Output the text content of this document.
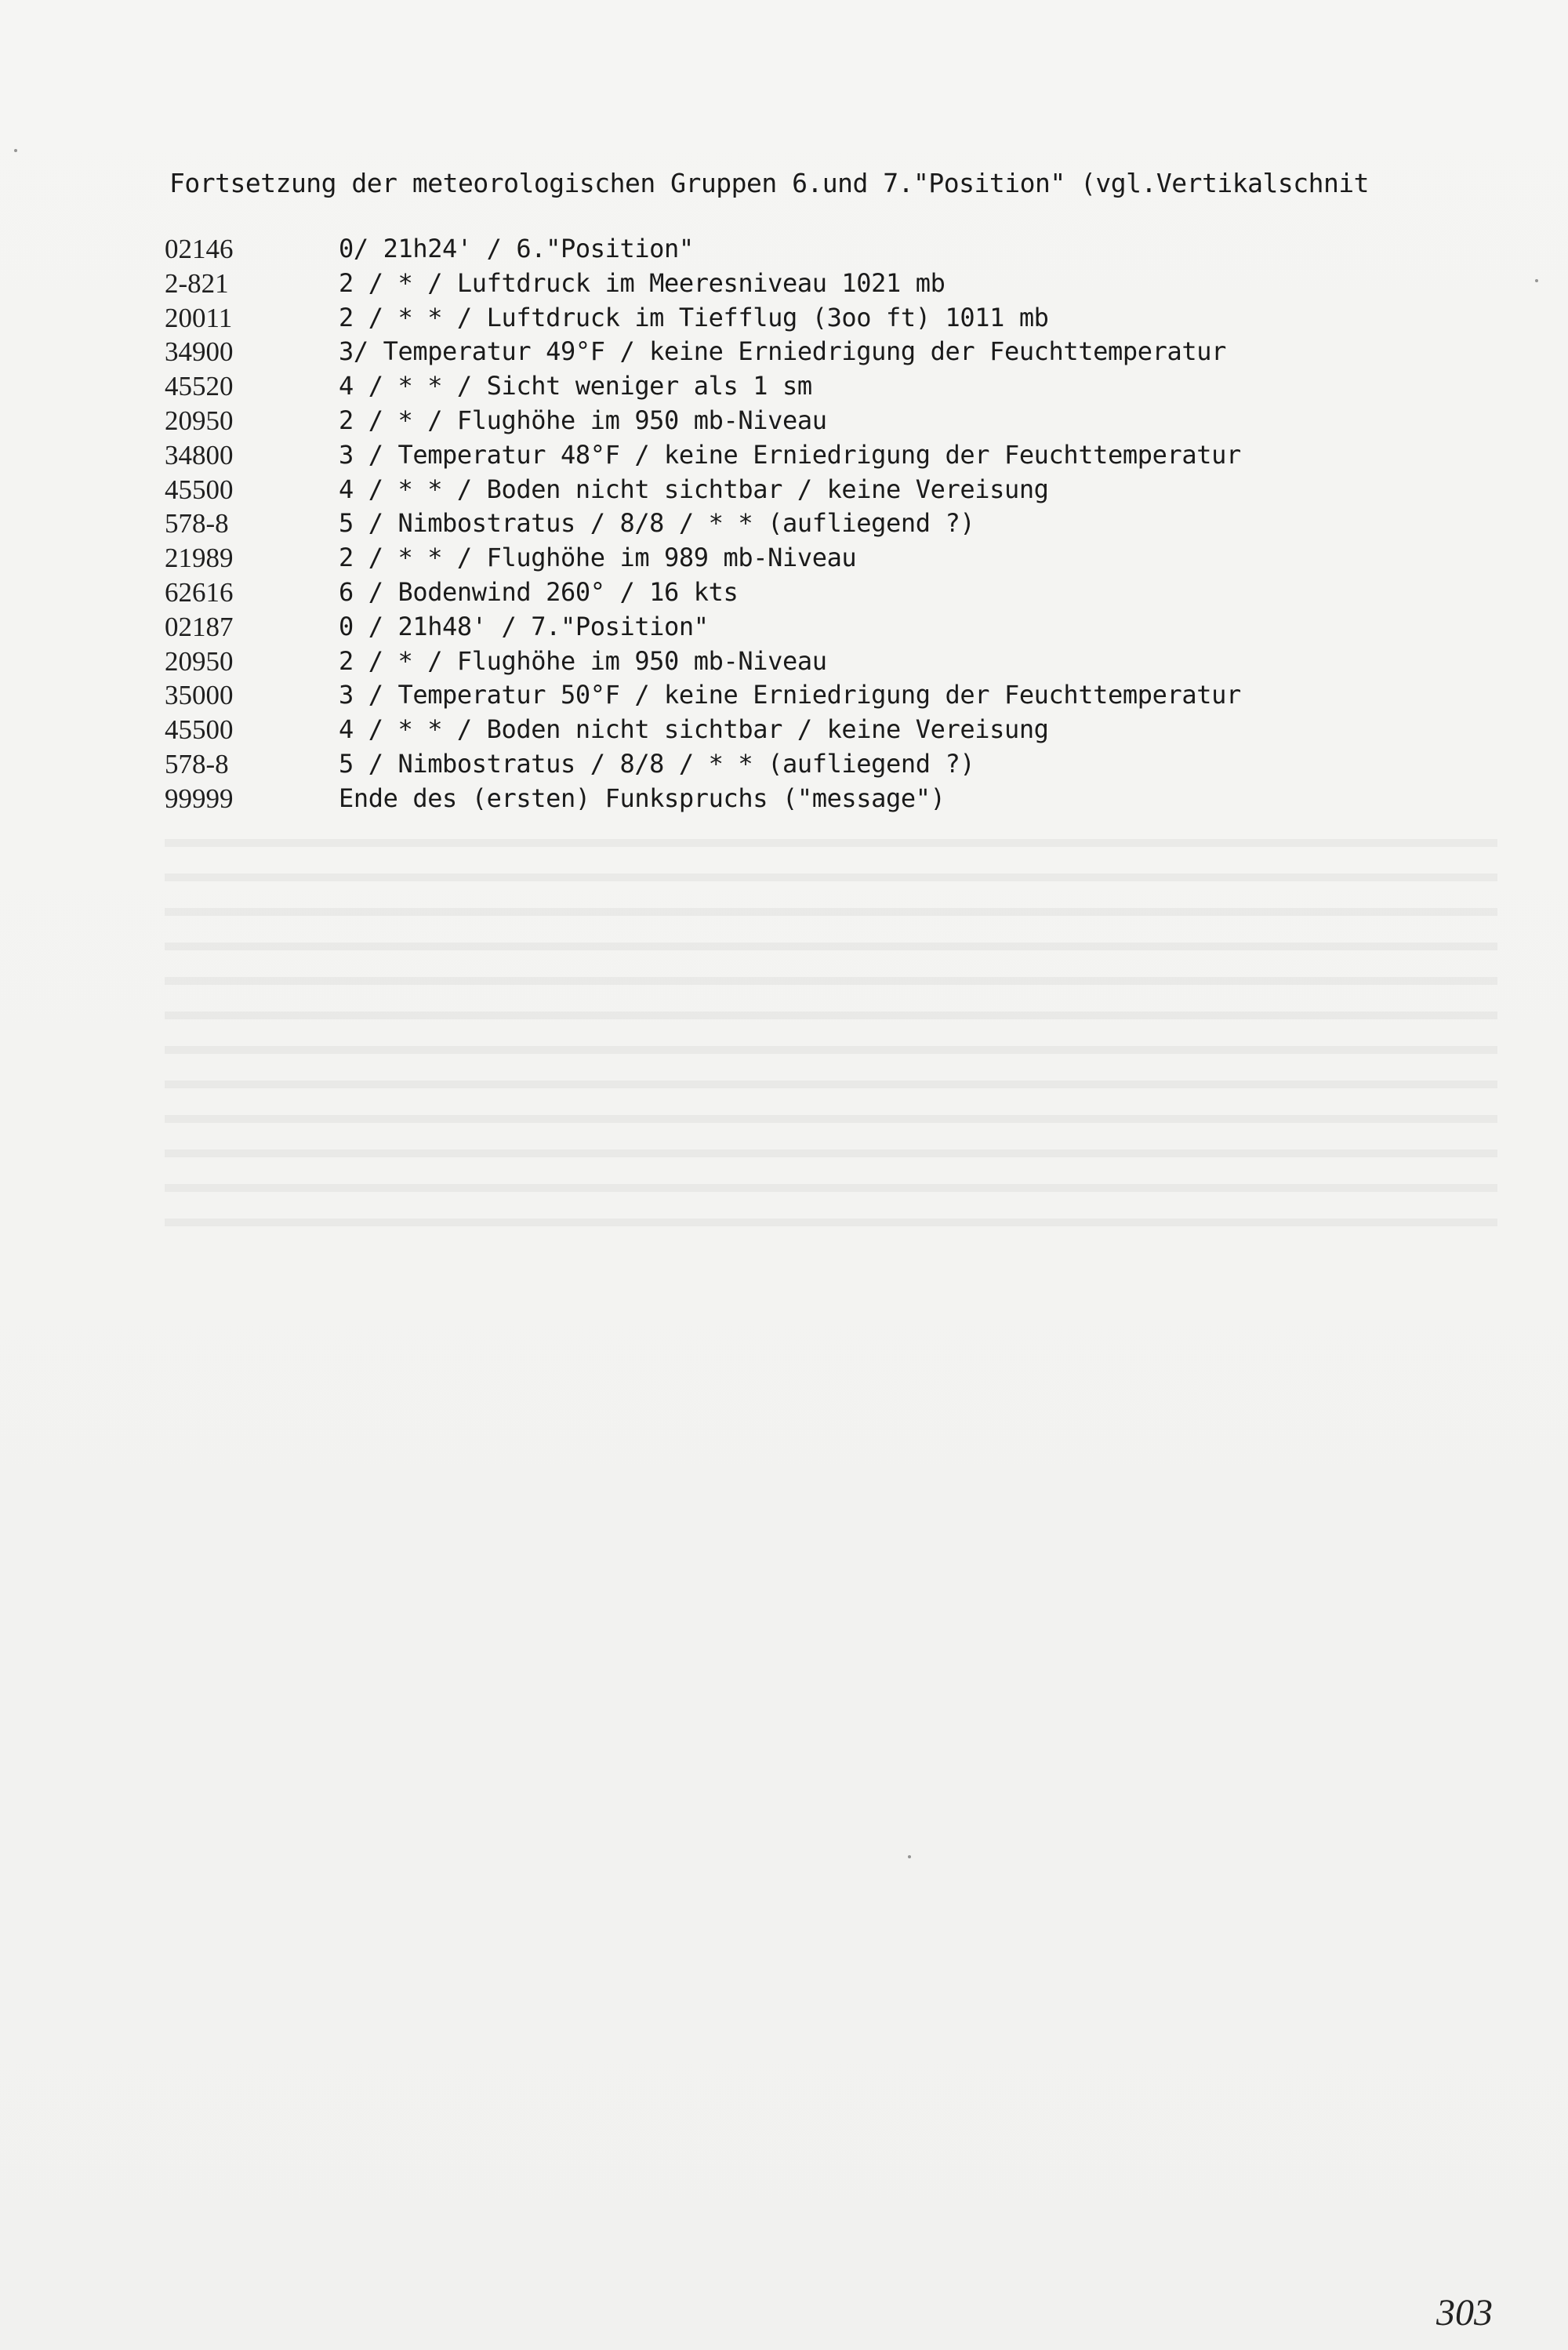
Fortsetzung der meteorologischen Gruppen 6.und 7."Position" (vgl.Vertikalschnit
02146	0/ 21h24' / 6."Position"
2-821	2 / * / Luftdruck im Meeresniveau 1021 mb
20011	2 / * * / Luftdruck im Tiefflug (3oo ft) 1011 mb
34900	3/ Temperatur 49°F / keine Erniedrigung der Feuchttemperatur
45520	4 / * * / Sicht weniger als 1 sm
20950	2 / * / Flughöhe im 950 mb-Niveau
34800	3 / Temperatur 48°F / keine Erniedrigung der Feuchttemperatur
45500	4 / * * / Boden nicht sichtbar / keine Vereisung
578-8	5 / Nimbostratus / 8/8 / * * (aufliegend ?)
21989	2 / * * / Flughöhe im 989 mb-Niveau
62616	6 / Bodenwind 260° / 16 kts
02187	0 / 21h48' / 7."Position"
20950	2 / * / Flughöhe im 950 mb-Niveau
35000	3 / Temperatur 50°F / keine Erniedrigung der Feuchttemperatur
45500	4 / * * / Boden nicht sichtbar / keine Vereisung
578-8	5 / Nimbostratus / 8/8 / * * (aufliegend ?)
99999	Ende des (ersten) Funkspruchs ("message")
303
